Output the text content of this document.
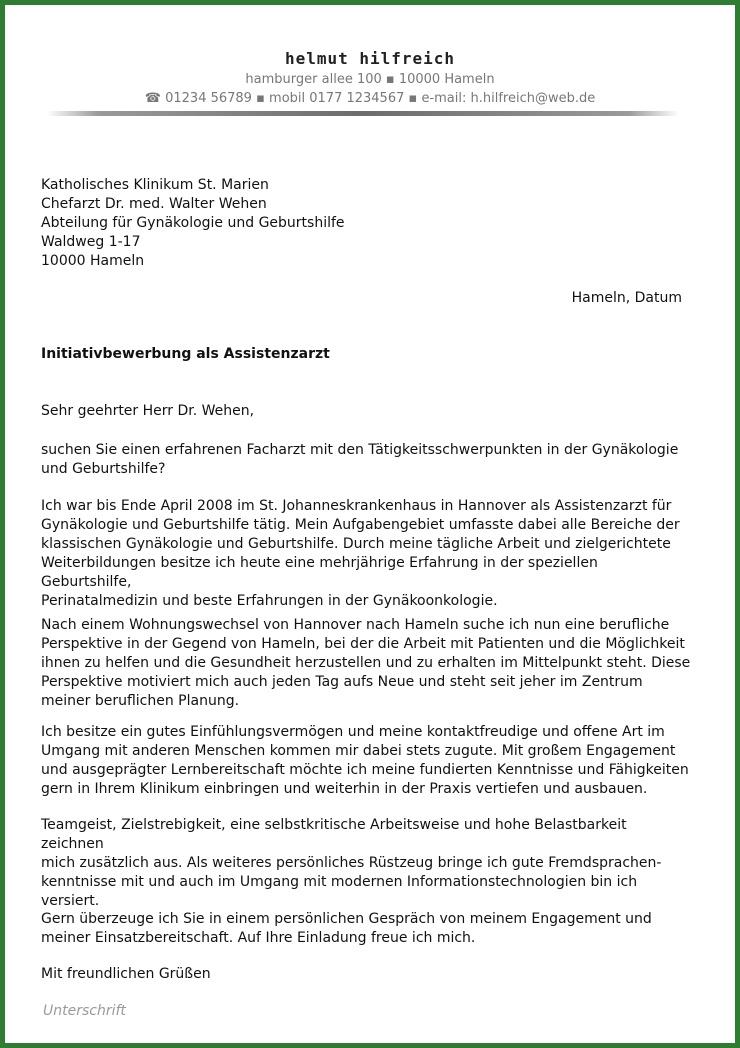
helmut hilfreich
hamburger allee 100 ▪ 10000 Hameln
☎ 01234 56789 ▪ mobil 0177 1234567 ▪ e-mail: h.hilfreich@web.de
Katholisches Klinikum St. Marien
Chefarzt Dr. med. Walter Wehen
Abteilung für Gynäkologie und Geburtshilfe
Waldweg 1-17
10000 Hameln
Hameln, Datum
Initiativbewerbung als Assistenzarzt
Sehr geehrter Herr Dr. Wehen,
suchen Sie einen erfahrenen Facharzt mit den Tätigkeitsschwerpunkten in der Gynäkologie
und Geburtshilfe?
Ich war bis Ende April 2008 im St. Johanneskrankenhaus in Hannover als Assistenzarzt für
Gynäkologie und Geburtshilfe tätig. Mein Aufgabengebiet umfasste dabei alle Bereiche der
klassischen Gynäkologie und Geburtshilfe. Durch meine tägliche Arbeit und zielgerichtete
Weiterbildungen besitze ich heute eine mehrjährige Erfahrung in der speziellen Geburtshilfe,
Perinatalmedizin und beste Erfahrungen in der Gynäkoonkologie.
Nach einem Wohnungswechsel von Hannover nach Hameln suche ich nun eine berufliche
Perspektive in der Gegend von Hameln, bei der die Arbeit mit Patienten und die Möglichkeit
ihnen zu helfen und die Gesundheit herzustellen und zu erhalten im Mittelpunkt steht. Diese
Perspektive motiviert mich auch jeden Tag aufs Neue und steht seit jeher im Zentrum
meiner beruflichen Planung.
Ich besitze ein gutes Einfühlungsvermögen und meine kontaktfreudige und offene Art im
Umgang mit anderen Menschen kommen mir dabei stets zugute. Mit großem Engagement
und ausgeprägter Lernbereitschaft möchte ich meine fundierten Kenntnisse und Fähigkeiten
gern in Ihrem Klinikum einbringen und weiterhin in der Praxis vertiefen und ausbauen.
Teamgeist, Zielstrebigkeit, eine selbstkritische Arbeitsweise und hohe Belastbarkeit zeichnen
mich zusätzlich aus. Als weiteres persönliches Rüstzeug bringe ich gute Fremdsprachen-
kenntnisse mit und auch im Umgang mit modernen Informationstechnologien bin ich
versiert.
Gern überzeuge ich Sie in einem persönlichen Gespräch von meinem Engagement und
meiner Einsatzbereitschaft. Auf Ihre Einladung freue ich mich.
Mit freundlichen Grüßen
Unterschrift
